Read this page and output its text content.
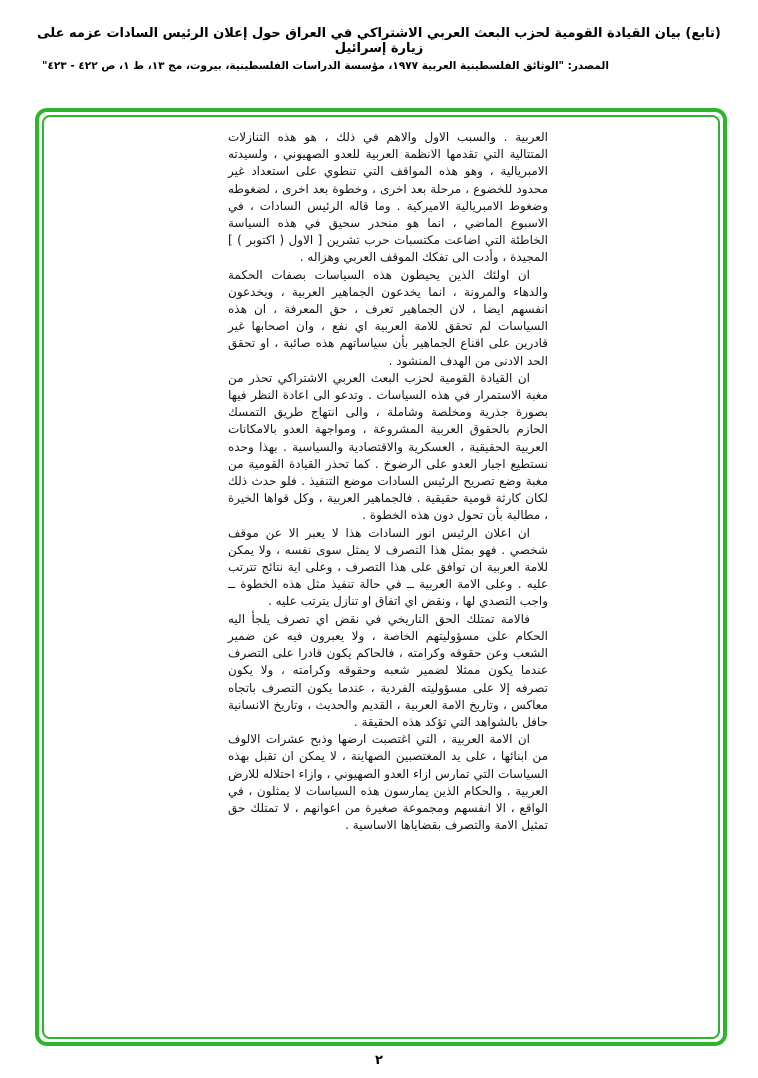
(تابع) بيان القيادة القومية لحزب البعث العربي الاشتراكي في العراق حول إعلان الرئيس السادات عزمه على زيارة إسرائيل
المصدر: "الوثائق الفلسطينية العربية ١٩٧٧، مؤسسة الدراسات الفلسطينية، بيروت، مج ١٣، ط ١، ص ٤٢٢ - ٤٢٣"

العربية . والسبب الاول والاهم في ذلك ، هو هذه التنازلات المتتالية التي تقدمها الانظمة العربية للعدو الصهيوني ، ولسيدته الامبريالية ، وهو هذه المواقف التي تنطوي على استعداد غير محدود للخضوع ، مرحلة بعد اخرى ، وخطوة بعد اخرى ، لضغوطه وضغوط الامبريالية الاميركية . وما قاله الرئيس السادات ، في الاسبوع الماضي ، انما هو منحدر سحيق في هذه السياسة الخاطئة التي اضاعت مكتسبات حرب تشرين [ الاول ( اكتوبر ) ] المجيدة ، وأدت الى تفكك الموقف العربي وهزاله .

ان اولئك الذين يحيطون هذه السياسات بصفات الحكمة والدهاء والمرونة ، انما يخدعون الجماهير العربية ، ويخدعون انفسهم ايضا ، لان الجماهير تعرف ، حق المعرفة ، ان هذه السياسات لم تحقق للامة العربية اي نفع ، وان اصحابها غير قادرين على اقناع الجماهير بأن سياساتهم هذه صائبة ، او تحقق الحد الادنى من الهدف المنشود .

ان القيادة القومية لحزب البعث العربي الاشتراكي تحذر من مغبة الاستمرار في هذه السياسات . وتدعو الى اعادة النظر فيها بصورة جذرية ومخلصة وشاملة ، والى انتهاج طريق التمسك الحازم بالحقوق العربية المشروعة ، ومواجهة العدو بالامكانات العربية الحقيقية ، العسكرية والاقتصادية والسياسية . بهذا وحده نستطيع اجبار العدو على الرضوخ . كما تحذر القيادة القومية من مغبة وضع تصريح الرئيس السادات موضع التنفيذ . فلو حدث ذلك لكان كارثة قومية حقيقية . فالجماهير العربية ، وكل قواها الخيرة ، مطالبة بأن تحول دون هذه الخطوة .

ان اعلان الرئيس انور السادات هذا لا يعبر الا عن موقف شخصي . فهو بمثل هذا التصرف لا يمثل سوى نفسه ، ولا يمكن للامة العربية ان توافق على هذا التصرف ، وعلى اية نتائج تترتب عليه . وعلى الامة العربية ــ في حالة تنفيذ مثل هذه الخطوة ــ واجب التصدي لها ، ونقض اي اتفاق او تنازل يترتب عليه .

فالامة تمتلك الحق التاريخي في نقض اي تصرف يلجأ اليه الحكام على مسؤوليتهم الخاصة ، ولا يعبرون فيه عن ضمير الشعب وعن حقوقه وكرامته ، فالحاكم يكون قادرا على التصرف عندما يكون ممثلا لضمير شعبه وحقوقه وكرامته ، ولا يكون تصرفه إلا على مسؤوليته الفردية ، عندما يكون التصرف باتجاه معاكس ، وتاريخ الامة العربية ، القديم والحديث ، وتاريخ الانسانية حافل بالشواهد التي تؤكد هذه الحقيقة .

ان الامة العربية ، التي اغتصبت ارضها وذبح عشرات الالوف من ابنائها ، على يد المغتصبين الصهاينة ، لا يمكن ان تقبل بهذه السياسات التي تمارس ازاء العدو الصهيوني ، وازاء احتلاله للارض العربية . والحكام الذين يمارسون هذه السياسات لا يمثلون ، في الواقع ، الا انفسهم ومجموعة صغيرة من اعوانهم ، لا تمتلك حق تمثيل الامة والتصرف بقضاياها الاساسية .

٢
